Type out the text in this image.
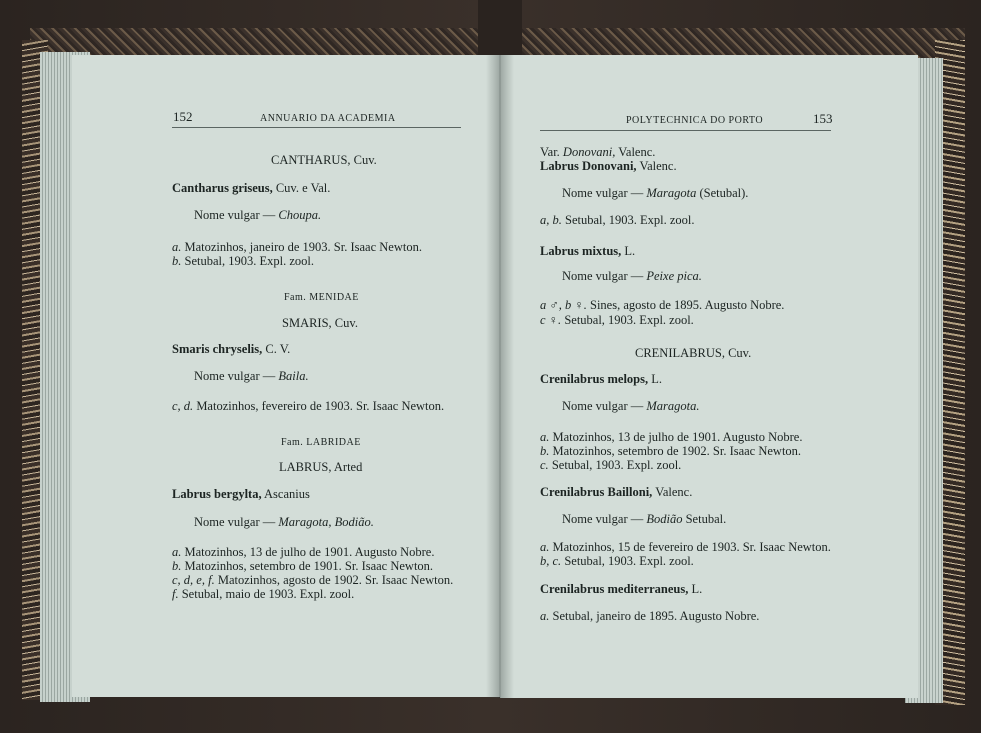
152	ANNUARIO DA ACADEMIA
CANTHARUS, Cuv.
Cantharus griseus, Cuv. e Val.
Nome vulgar — Choupa.
a. Matozinhos, janeiro de 1903. Sr. Isaac Newton.
b. Setubal, 1903. Expl. zool.
Fam. MENIDAE
SMARIS, Cuv.
Smaris chryselis, C. V.
Nome vulgar — Baila.
c, d. Matozinhos, fevereiro de 1903. Sr. Isaac Newton.
Fam. LABRIDAE
LABRUS, Arted
Labrus bergylta, Ascanius
Nome vulgar — Maragota, Bodião.
a. Matozinhos, 13 de julho de 1901. Augusto Nobre.
b. Matozinhos, setembro de 1901. Sr. Isaac Newton.
c, d, e, f. Matozinhos, agosto de 1902. Sr. Isaac Newton.
f. Setubal, maio de 1903. Expl. zool.
POLYTECHNICA DO PORTO	153
Var. Donovani, Valenc.
Labrus Donovani, Valenc.
Nome vulgar — Maragota (Setubal).
a, b. Setubal, 1903. Expl. zool.
Labrus mixtus, L.
Nome vulgar — Peixe pica.
a ♂, b ♀. Sines, agosto de 1895. Augusto Nobre.
c ♀. Setubal, 1903. Expl. zool.
CRENILABRUS, Cuv.
Crenilabrus melops, L.
Nome vulgar — Maragota.
a. Matozinhos, 13 de julho de 1901. Augusto Nobre.
b. Matozinhos, setembro de 1902. Sr. Isaac Newton.
c. Setubal, 1903. Expl. zool.
Crenilabrus Bailloni, Valenc.
Nome vulgar — Bodião Setubal.
a. Matozinhos, 15 de fevereiro de 1903. Sr. Isaac Newton.
b, c. Setubal, 1903. Expl. zool.
Crenilabrus mediterraneus, L.
a. Setubal, janeiro de 1895. Augusto Nobre.
